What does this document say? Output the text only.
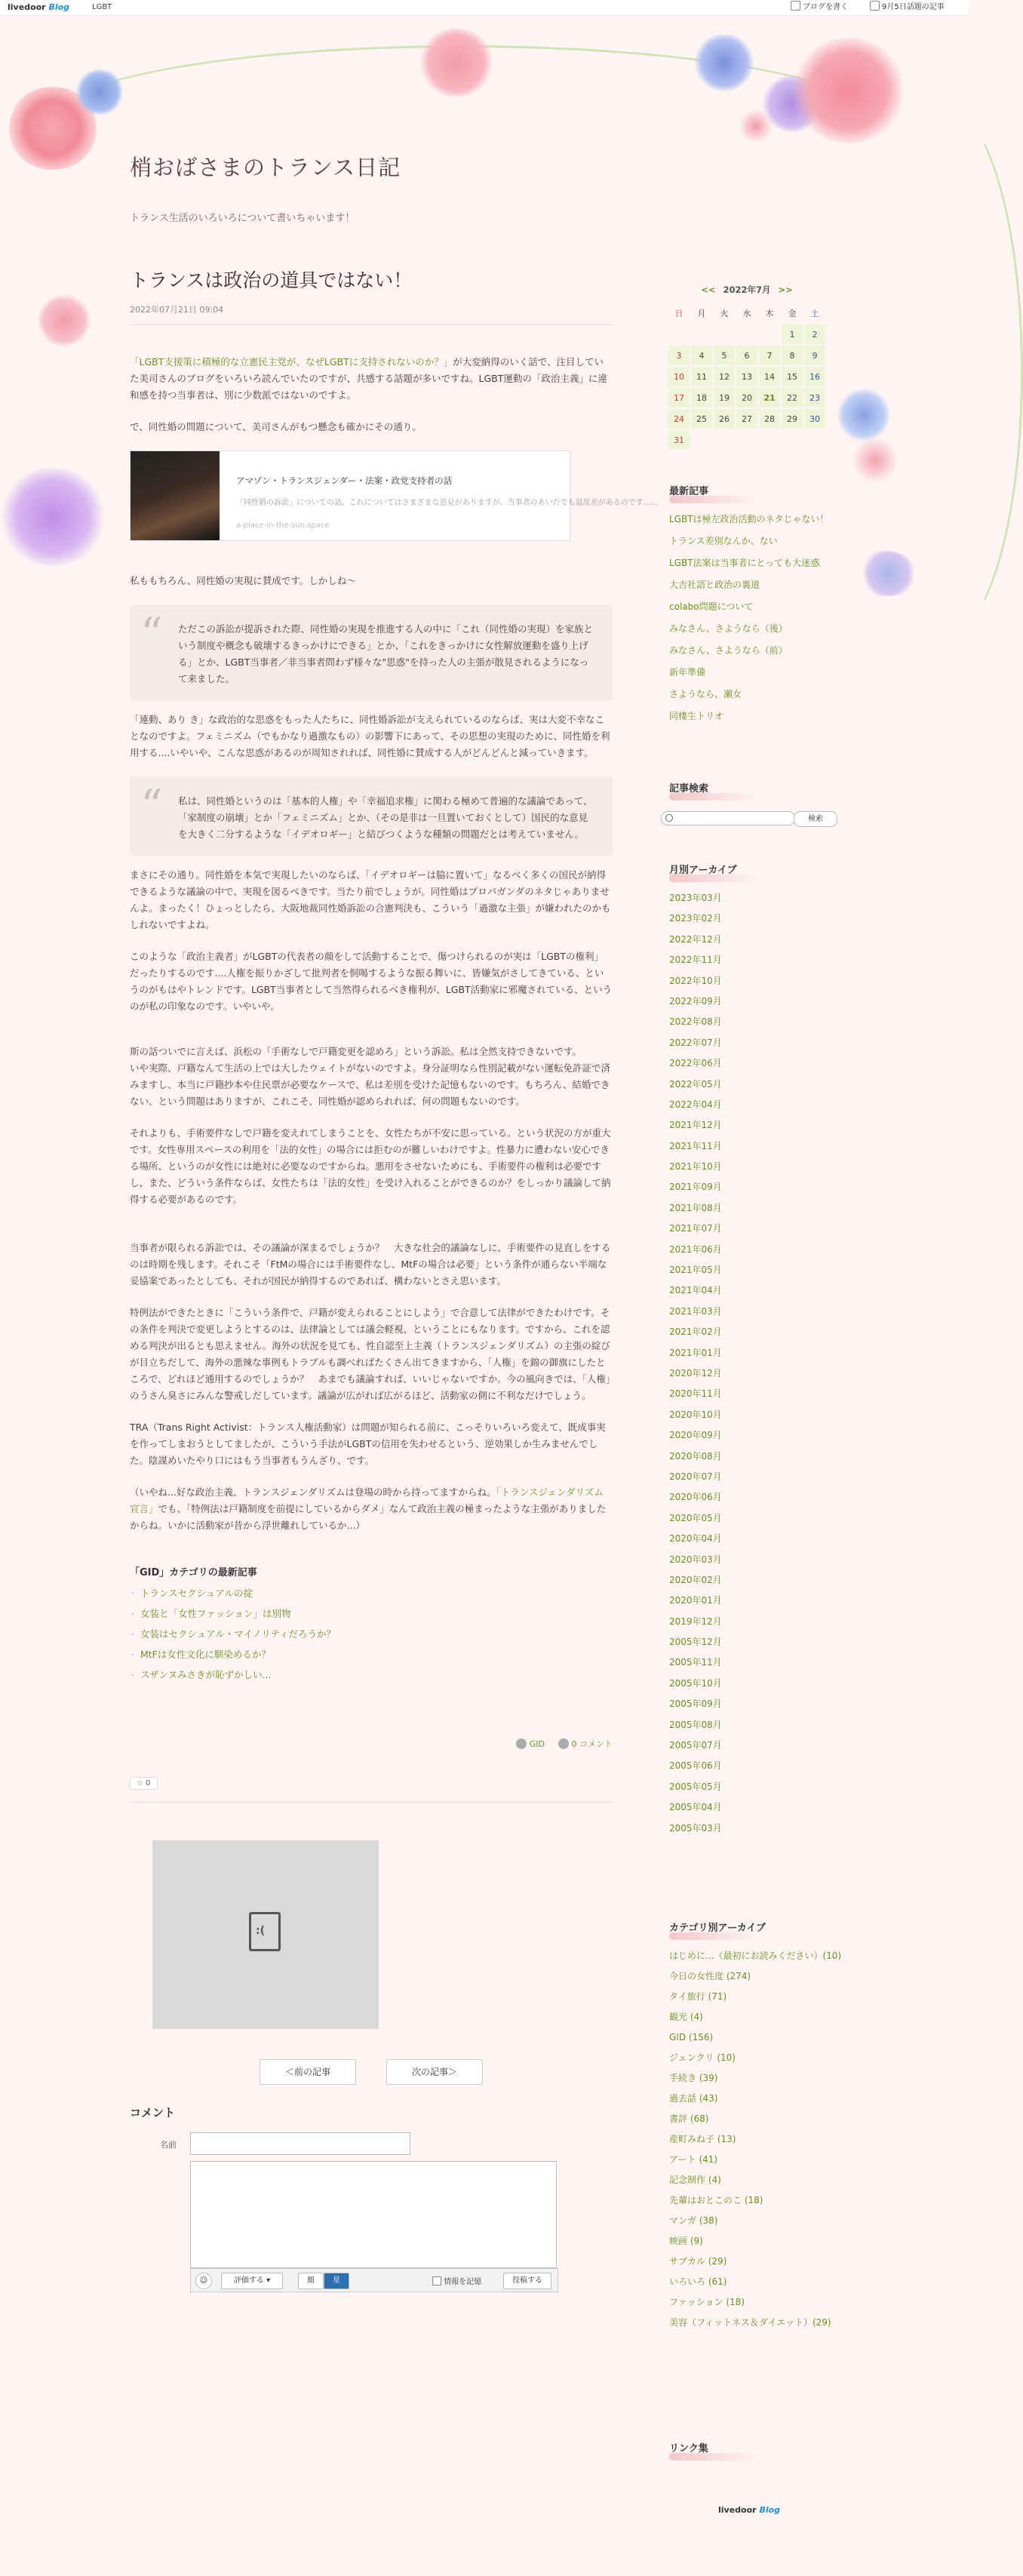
livedoor Blog	LGBT	ブログを書く	9月5日話題の記事
梢おばさまのトランス日記
トランス生活のいろいろについて書いちゃいます！
トランスは政治の道具ではない！
2022年07月21日 09:04

「LGBT支援策に積極的な立憲民主党が、なぜLGBTに支持されないのか？」が大変納得のいく話で、注目していた美司さんのブログをいろいろ読んでいたのですが、共感する話題が多いですね。LGBT運動の「政治主義」に違和感を持つ当事者は、別に少数派ではないのですよ。

で、同性婚の問題について、美司さんがもつ懸念も確かにその通り。

アマゾン・トランスジェンダー・法案・政党支持者の話
「同性婚の訴訟」についての話。これについてはさまざまな意見がありますが、当事者のあいだでも温度差があるのです……
a-place-in-the-sun.space

私ももちろん、同性婚の実現に賛成です。しかしね〜

“ ただこの訴訟が提訴された際、同性婚の実現を推進する人の中に「これ（同性婚の実現）を家族という制度や概念も破壊するきっかけにできる」とか、「これをきっかけに女性解放運動を盛り上げる」とか、LGBT当事者／非当事者問わず様々な"思惑"を持った人の主張が散見されるようになって来ました。

「連動、あり き」な政治的な思惑をもった人たちに、同性婚訴訟が支えられているのならば、実は大変不幸なことなのですよ。フェミニズム（でもかなり過激なもの）の影響下にあって、その思想の実現のために、同性婚を利用する....いやいや、こんな思惑があるのが周知されれば、同性婚に賛成する人がどんどんと減っていきます。

“ 私は、同性婚というのは「基本的人権」や「幸福追求権」に関わる極めて普遍的な議論であって、「家制度の崩壊」とか「フェミニズム」とか、（その是非は一旦置いておくとして）国民的な意見を大きく二分するような「イデオロギー」と結びつくような種類の問題だとは考えていません。

まさにその通り。同性婚を本気で実現したいのならば、「イデオロギーは脇に置いて」なるべく多くの国民が納得できるような議論の中で、実現を図るべきです。当たり前でしょうが。同性婚はプロパガンダのネタじゃありませんよ。まったく！ひょっとしたら、大阪地裁同性婚訴訟の合憲判決も、こういう「過激な主張」が嫌われたのかもしれないですよね。

このような「政治主義者」がLGBTの代表者の顔をして活動することで、傷つけられるのが実は「LGBTの権利」だったりするのです....人権を振りかざして批判者を恫喝するような振る舞いに、皆嫌気がさしてきている、というのがもはやトレンドです。LGBT当事者として当然得られるべき権利が、LGBT活動家に邪魔されている、というのが私の印象なのです。いやいや。

斯の話ついでに言えば、浜松の「手術なしで戸籍変更を認めろ」という訴訟。私は全然支持できないです。
いや実際、戸籍なんて生活の上では大したウェイトがないのですよ。身分証明なら性別記載がない運転免許証で済みますし、本当に戸籍抄本や住民票が必要なケースで、私は差別を受けた記憶もないのです。もちろん、結婚できない、という問題はありますが、これこそ、同性婚が認められれば、何の問題もないのです。

それよりも、手術要件なしで戸籍を変えれてしまうことを、女性たちが不安に思っている。という状況の方が重大です。女性専用スペースの利用を「法的女性」の場合には拒むのが難しいわけですよ。性暴力に遭わない安心できる場所、というのが女性には絶対に必要なのですからね。悪用をさせないためにも、手術要件の権利は必要ですし、また、どういう条件ならば、女性たちは「法的女性」を受け入れることができるのか？をしっかり議論して納得する必要があるのです。

当事者が限られる訴訟では、その議論が深まるでしょうか？　大きな社会的議論なしに、手術要件の見直しをするのは時期を残します。それこそ「FtMの場合には手術要件なし、MtFの場合は必要」という条件が通らない半端な妥協案であったとしても、それが国民が納得するのであれば、構わないとさえ思います。

特例法ができたときに「こういう条件で、戸籍が変えられることにしよう」で合意して法律ができたわけです。その条件を判決で変更しようとするのは、法律論としては議会軽視、ということにもなります。ですから、これを認める判決が出るとも思えません。海外の状況を見ても、性自認至上主義（トランスジェンダリズム）の主張の綻びが目立ちだして、海外の悪辣な事例もトラブルも調べればたくさん出てきますから、「人権」を錦の御旗にしたところで、どれほど通用するのでしょうか？　あまでも議論すれば、いいじゃないですか。今の風向きでは、「人権」のうさん臭さにみんな警戒しだしています。議論が広がれば広がるほど、活動家の側に不利なだけでしょう。

TRA（Trans Right Activist：トランス人権活動家）は問題が知られる前に、こっそりいろいろ変えて、既成事実を作ってしまおうとしてましたが、こういう手法がLGBTの信用を失わせるという、逆効果しか生みませんでした。陰謀めいたやり口にはもう当事者もうんざり、です。

（いやね...好な政治主義、トランスジェンダリズムは登場の時から持ってますからね。「トランスジェンダリズム宣言」でも、「特例法は戸籍制度を前提にしているからダメ」なんて政治主義の極まったような主張がありましたからね。いかに活動家が昔から浮世離れしているか...）

「GID」カテゴリの最新記事
· トランスセクシュアルの掟
· 女装と「女性ファッション」は別物
· 女装はセクシュアル・マイノリティだろうか？
· MtFは女性文化に馴染めるか？
· スザンヌみさきが恥ずかしい...
GID	0 コメント
☆ 0
:(
＜前の記事	次の記事＞
コメント
名前
☺	評価する ▾	顔	星	情報を記憶	投稿する
<< 2022年7月 >>
日	月	火	水	木	金	土
					1	2
3	4	5	6	7	8	9
10	11	12	13	14	15	16
17	18	19	20	21	22	23
24	25	26	27	28	29	30
31						
最新記事
LGBTは極左政治活動のネタじゃない！
トランス差別なんか、ない
LGBT法案は当事者にとっても大迷惑
大吉社語と政治の裏道
colabo問題について
みなさん、さようなら（後）
みなさん、さようなら（前）
新年準備
さようなら、瀬女
同棲生トリオ
記事検索
検索
月別アーカイブ
2023年03月
2023年02月
2022年12月
2022年11月
2022年10月
2022年09月
2022年08月
2022年07月
2022年06月
2022年05月
2022年04月
2021年12月
2021年11月
2021年10月
2021年09月
2021年08月
2021年07月
2021年06月
2021年05月
2021年04月
2021年03月
2021年02月
2021年01月
2020年12月
2020年11月
2020年10月
2020年09月
2020年08月
2020年07月
2020年06月
2020年05月
2020年04月
2020年03月
2020年02月
2020年01月
2019年12月
2005年12月
2005年11月
2005年10月
2005年09月
2005年08月
2005年07月
2005年06月
2005年05月
2005年04月
2005年03月
カテゴリ別アーカイブ
はじめに...（最初にお読みください）(10)
今日の女性度 (274)
タイ旅行 (71)
観光 (4)
GID (156)
ジェンクリ (10)
手続き (39)
過去話 (43)
書評 (68)
産町みね子 (13)
アート (41)
記念制作 (4)
先輩はおとこのこ (18)
マンガ (38)
映画 (9)
サブカル (29)
いろいろ (61)
ファッション (18)
美容（フィットネス＆ダイエット）(29)
リンク集
livedoor Blog
